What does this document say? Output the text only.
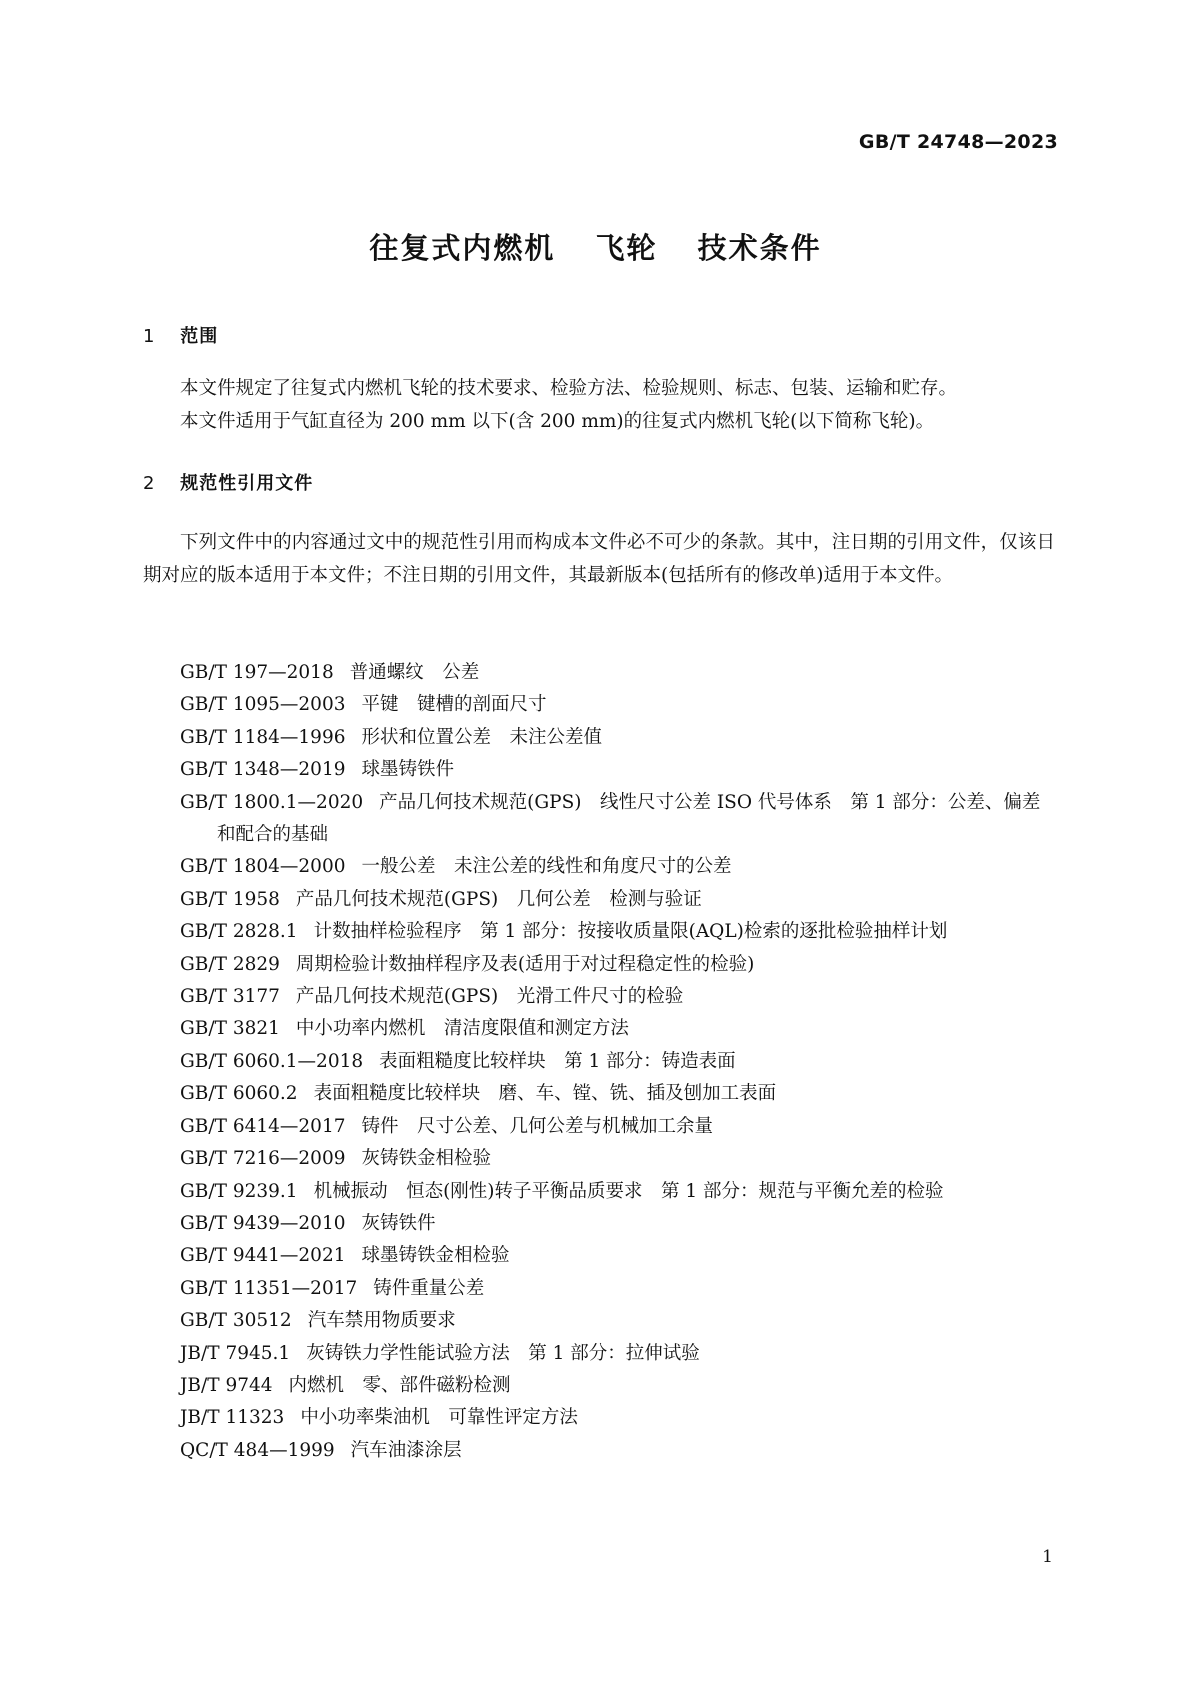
GB/T 24748—2023
往复式内燃机 飞轮 技术条件
1 范围

本文件规定了往复式内燃机飞轮的技术要求、检验方法、检验规则、标志、包装、运输和贮存。

本文件适用于气缸直径为 200 mm 以下(含 200 mm)的往复式内燃机飞轮(以下简称飞轮)。

2 规范性引用文件

下列文件中的内容通过文中的规范性引用而构成本文件必不可少的条款。其中，注日期的引用文件，仅该日期对应的版本适用于本文件；不注日期的引用文件，其最新版本(包括所有的修改单)适用于本文件。

GB/T 197—2018 普通螺纹　公差
GB/T 1095—2003 平键　键槽的剖面尺寸
GB/T 1184—1996 形状和位置公差　未注公差值
GB/T 1348—2019 球墨铸铁件
GB/T 1800.1—2020 产品几何技术规范(GPS)　线性尺寸公差 ISO 代号体系　第 1 部分：公差、偏差和配合的基础
GB/T 1804—2000 一般公差　未注公差的线性和角度尺寸的公差
GB/T 1958 产品几何技术规范(GPS)　几何公差　检测与验证
GB/T 2828.1 计数抽样检验程序　第 1 部分：按接收质量限(AQL)检索的逐批检验抽样计划
GB/T 2829 周期检验计数抽样程序及表(适用于对过程稳定性的检验)
GB/T 3177 产品几何技术规范(GPS)　光滑工件尺寸的检验
GB/T 3821 中小功率内燃机　清洁度限值和测定方法
GB/T 6060.1—2018 表面粗糙度比较样块　第 1 部分：铸造表面
GB/T 6060.2 表面粗糙度比较样块　磨、车、镗、铣、插及刨加工表面
GB/T 6414—2017 铸件　尺寸公差、几何公差与机械加工余量
GB/T 7216—2009 灰铸铁金相检验
GB/T 9239.1 机械振动　恒态(刚性)转子平衡品质要求　第 1 部分：规范与平衡允差的检验
GB/T 9439—2010 灰铸铁件
GB/T 9441—2021 球墨铸铁金相检验
GB/T 11351—2017 铸件重量公差
GB/T 30512 汽车禁用物质要求
JB/T 7945.1 灰铸铁力学性能试验方法　第 1 部分：拉伸试验
JB/T 9744 内燃机　零、部件磁粉检测
JB/T 11323 中小功率柴油机　可靠性评定方法
QC/T 484—1999 汽车油漆涂层
1
